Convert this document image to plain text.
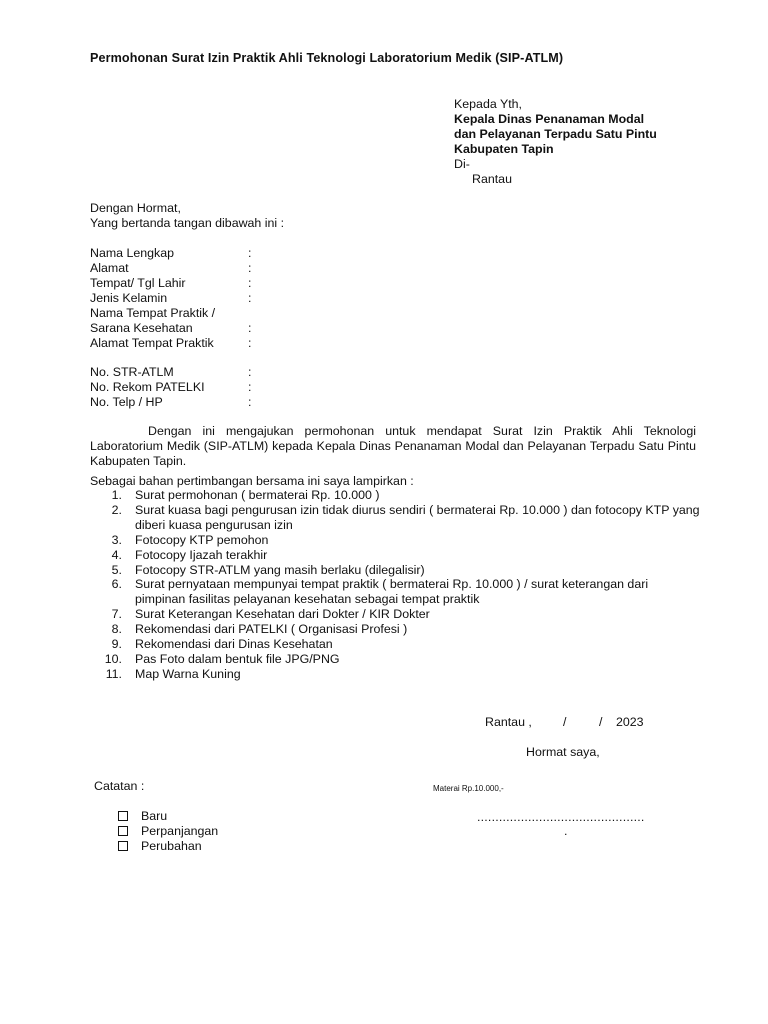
Permohonan Surat Izin Praktik Ahli Teknologi Laboratorium Medik (SIP-ATLM)
Kepada Yth,
Kepala Dinas Penanaman Modal
dan Pelayanan Terpadu Satu Pintu
Kabupaten Tapin
Di-
Rantau
Dengan Hormat,
Yang bertanda tangan dibawah ini :
Nama Lengkap	:
Alamat	:
Tempat/ Tgl Lahir	:
Jenis Kelamin	:
Nama Tempat Praktik /
Sarana Kesehatan	:
Alamat Tempat Praktik	:
No. STR-ATLM	:
No. Rekom PATELKI	:
No. Telp / HP	:
Dengan ini mengajukan permohonan untuk mendapat Surat Izin Praktik Ahli Teknologi Laboratorium Medik (SIP-ATLM) kepada Kepala Dinas Penanaman Modal dan Pelayanan Terpadu Satu Pintu Kabupaten Tapin.
Sebagai bahan pertimbangan bersama ini saya lampirkan :
1. Surat permohonan ( bermaterai Rp. 10.000 )
2. Surat kuasa bagi pengurusan izin tidak diurus sendiri ( bermaterai Rp. 10.000 ) dan fotocopy KTP yang diberi kuasa pengurusan izin
3. Fotocopy KTP pemohon
4. Fotocopy Ijazah terakhir
5. Fotocopy STR-ATLM yang masih berlaku (dilegalisir)
6. Surat pernyataan mempunyai tempat praktik ( bermaterai Rp. 10.000 ) / surat keterangan dari pimpinan fasilitas pelayanan kesehatan sebagai tempat praktik
7. Surat Keterangan Kesehatan dari Dokter / KIR Dokter
8. Rekomendasi dari PATELKI ( Organisasi Profesi )
9. Rekomendasi dari Dinas Kesehatan
10. Pas Foto dalam bentuk file JPG/PNG
11. Map Warna Kuning
Rantau ,	/	/ 2023
Hormat saya,
Catatan :	Materai Rp.10.000,-
..............................................
.
Baru
Perpanjangan
Perubahan
